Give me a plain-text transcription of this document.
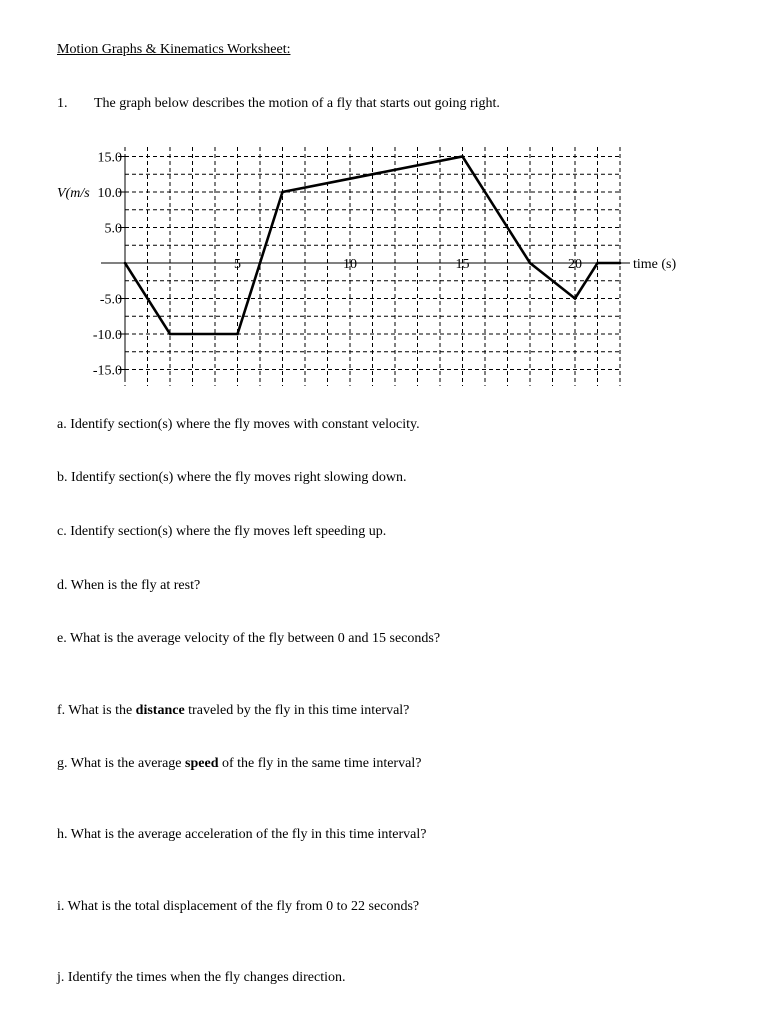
Motion Graphs & Kinematics Worksheet:
1. The graph below describes the motion of a fly that starts out going right.
15.0
10.0
5.0
-5.0
-10.0
-15.0
5	10	15	20
V(m/s
time (s)
a. Identify section(s) where the fly moves with constant velocity.
b. Identify section(s) where the fly moves right slowing down.
c. Identify section(s) where the fly moves left speeding up.
d. When is the fly at rest?
e. What is the average velocity of the fly between 0 and 15 seconds?
f. What is the distance traveled by the fly in this time interval?
g. What is the average speed of the fly in the same time interval?
h. What is the average acceleration of the fly in this time interval?
i. What is the total displacement of the fly from 0 to 22 seconds?
j. Identify the times when the fly changes direction.
